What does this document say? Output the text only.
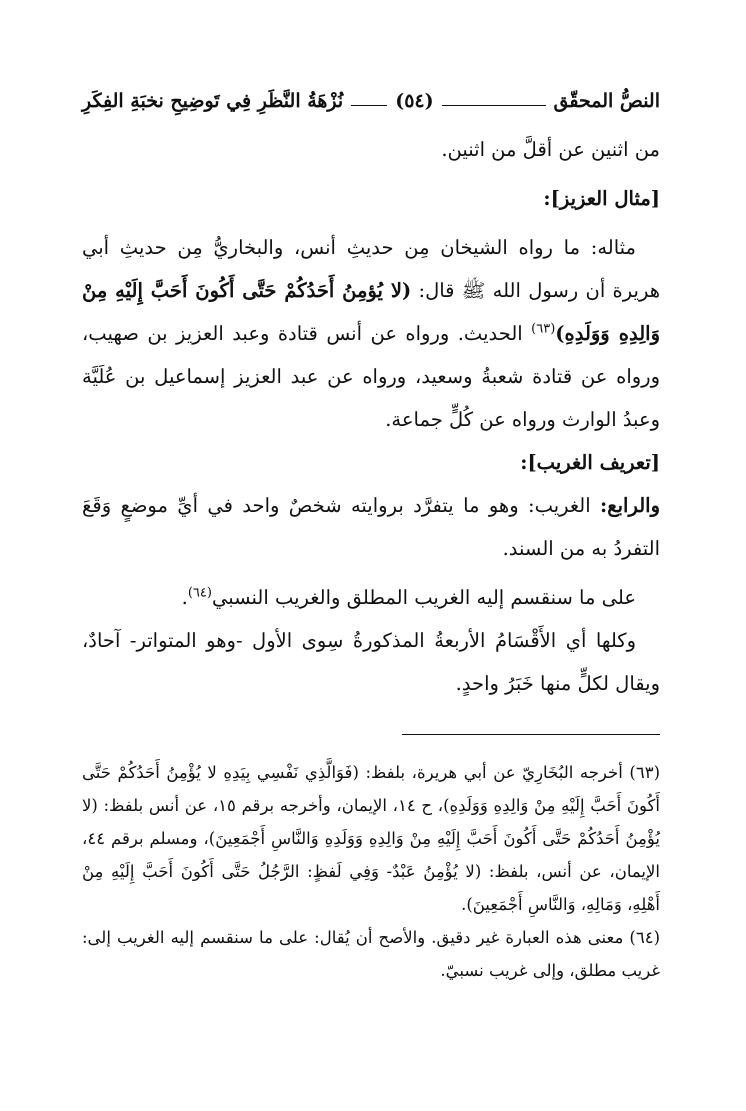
النصُّ المحقّق
(٥٤)
نُزْهَةُ النَّظَرِ فِي تَوضِيحِ نخبَةِ الفِكَرِ

من اثنين عن أقلَّ من اثنين.

[مثال العزيز]:

مثاله: ما رواه الشيخان مِن حديثِ أنس، والبخاريُّ مِن حديثِ أبي هريرة أن رسول الله ﷺ قال: (لا يُؤمِنُ أَحَدُكُمْ حَتَّى أَكُونَ أَحَبَّ إِلَيْهِ مِنْ وَالِدِهِ وَوَلَدِهِ)$^{(٦٣)}$ الحديث. ورواه عن أنس قتادة وعبد العزيز بن صهيب، ورواه عن قتادة شعبةُ وسعيد، ورواه عن عبد العزيز إسماعيل بن عُلَيَّة وعبدُ الوارث ورواه عن كُلٍّ جماعة.

[تعريف الغريب]:

والرابع: الغريب: وهو ما يتفرَّد بروايته شخصٌ واحد في أيِّ موضعٍ وَقَعَ التفردُ به من السند.

على ما سنقسم إليه الغريب المطلق والغريب النسبي$^{(٦٤)}$.

وكلها أي الأَقْسَامُ الأربعةُ المذكورةُ سِوى الأول -وهو المتواتر- آحادٌ، ويقال لكلٍّ منها خَبَرُ واحدٍ.

(٦٣) أخرجه البُخَارِيّ عن أبي هريرة، بلفظ: (فَوَالَّذِي نَفْسِي بِيَدِهِ لا يُؤْمِنُ أَحَدُكُمْ حَتَّى أَكُونَ أَحَبَّ إِلَيْهِ مِنْ وَالِدِهِ وَوَلَدِهِ)، ح ١٤، الإيمان، وأخرجه برقم ١٥، عن أنس بلفظ: (لا يُؤْمِنُ أَحَدُكُمْ حَتَّى أَكُونَ أَحَبَّ إِلَيْهِ مِنْ وَالِدِهِ وَوَلَدِهِ وَالنَّاسِ أَجْمَعِينَ)، ومسلم برقم ٤٤، الإيمان، عن أنس، بلفظ: (لا يُؤْمِنُ عَبْدٌ- وَفِي لَفظٍ: الرَّجُلُ حَتَّى أَكُونَ أَحَبَّ إِلَيْهِ مِنْ أَهْلِهِ، وَمَالِهِ، وَالنَّاسِ أَجْمَعِينَ).

(٦٤) معنى هذه العبارة غير دقيق. والأصح أن يُقال: على ما سنقسم إليه الغريب إلى: غريب مطلق، وإلى غريب نسبيّ.
